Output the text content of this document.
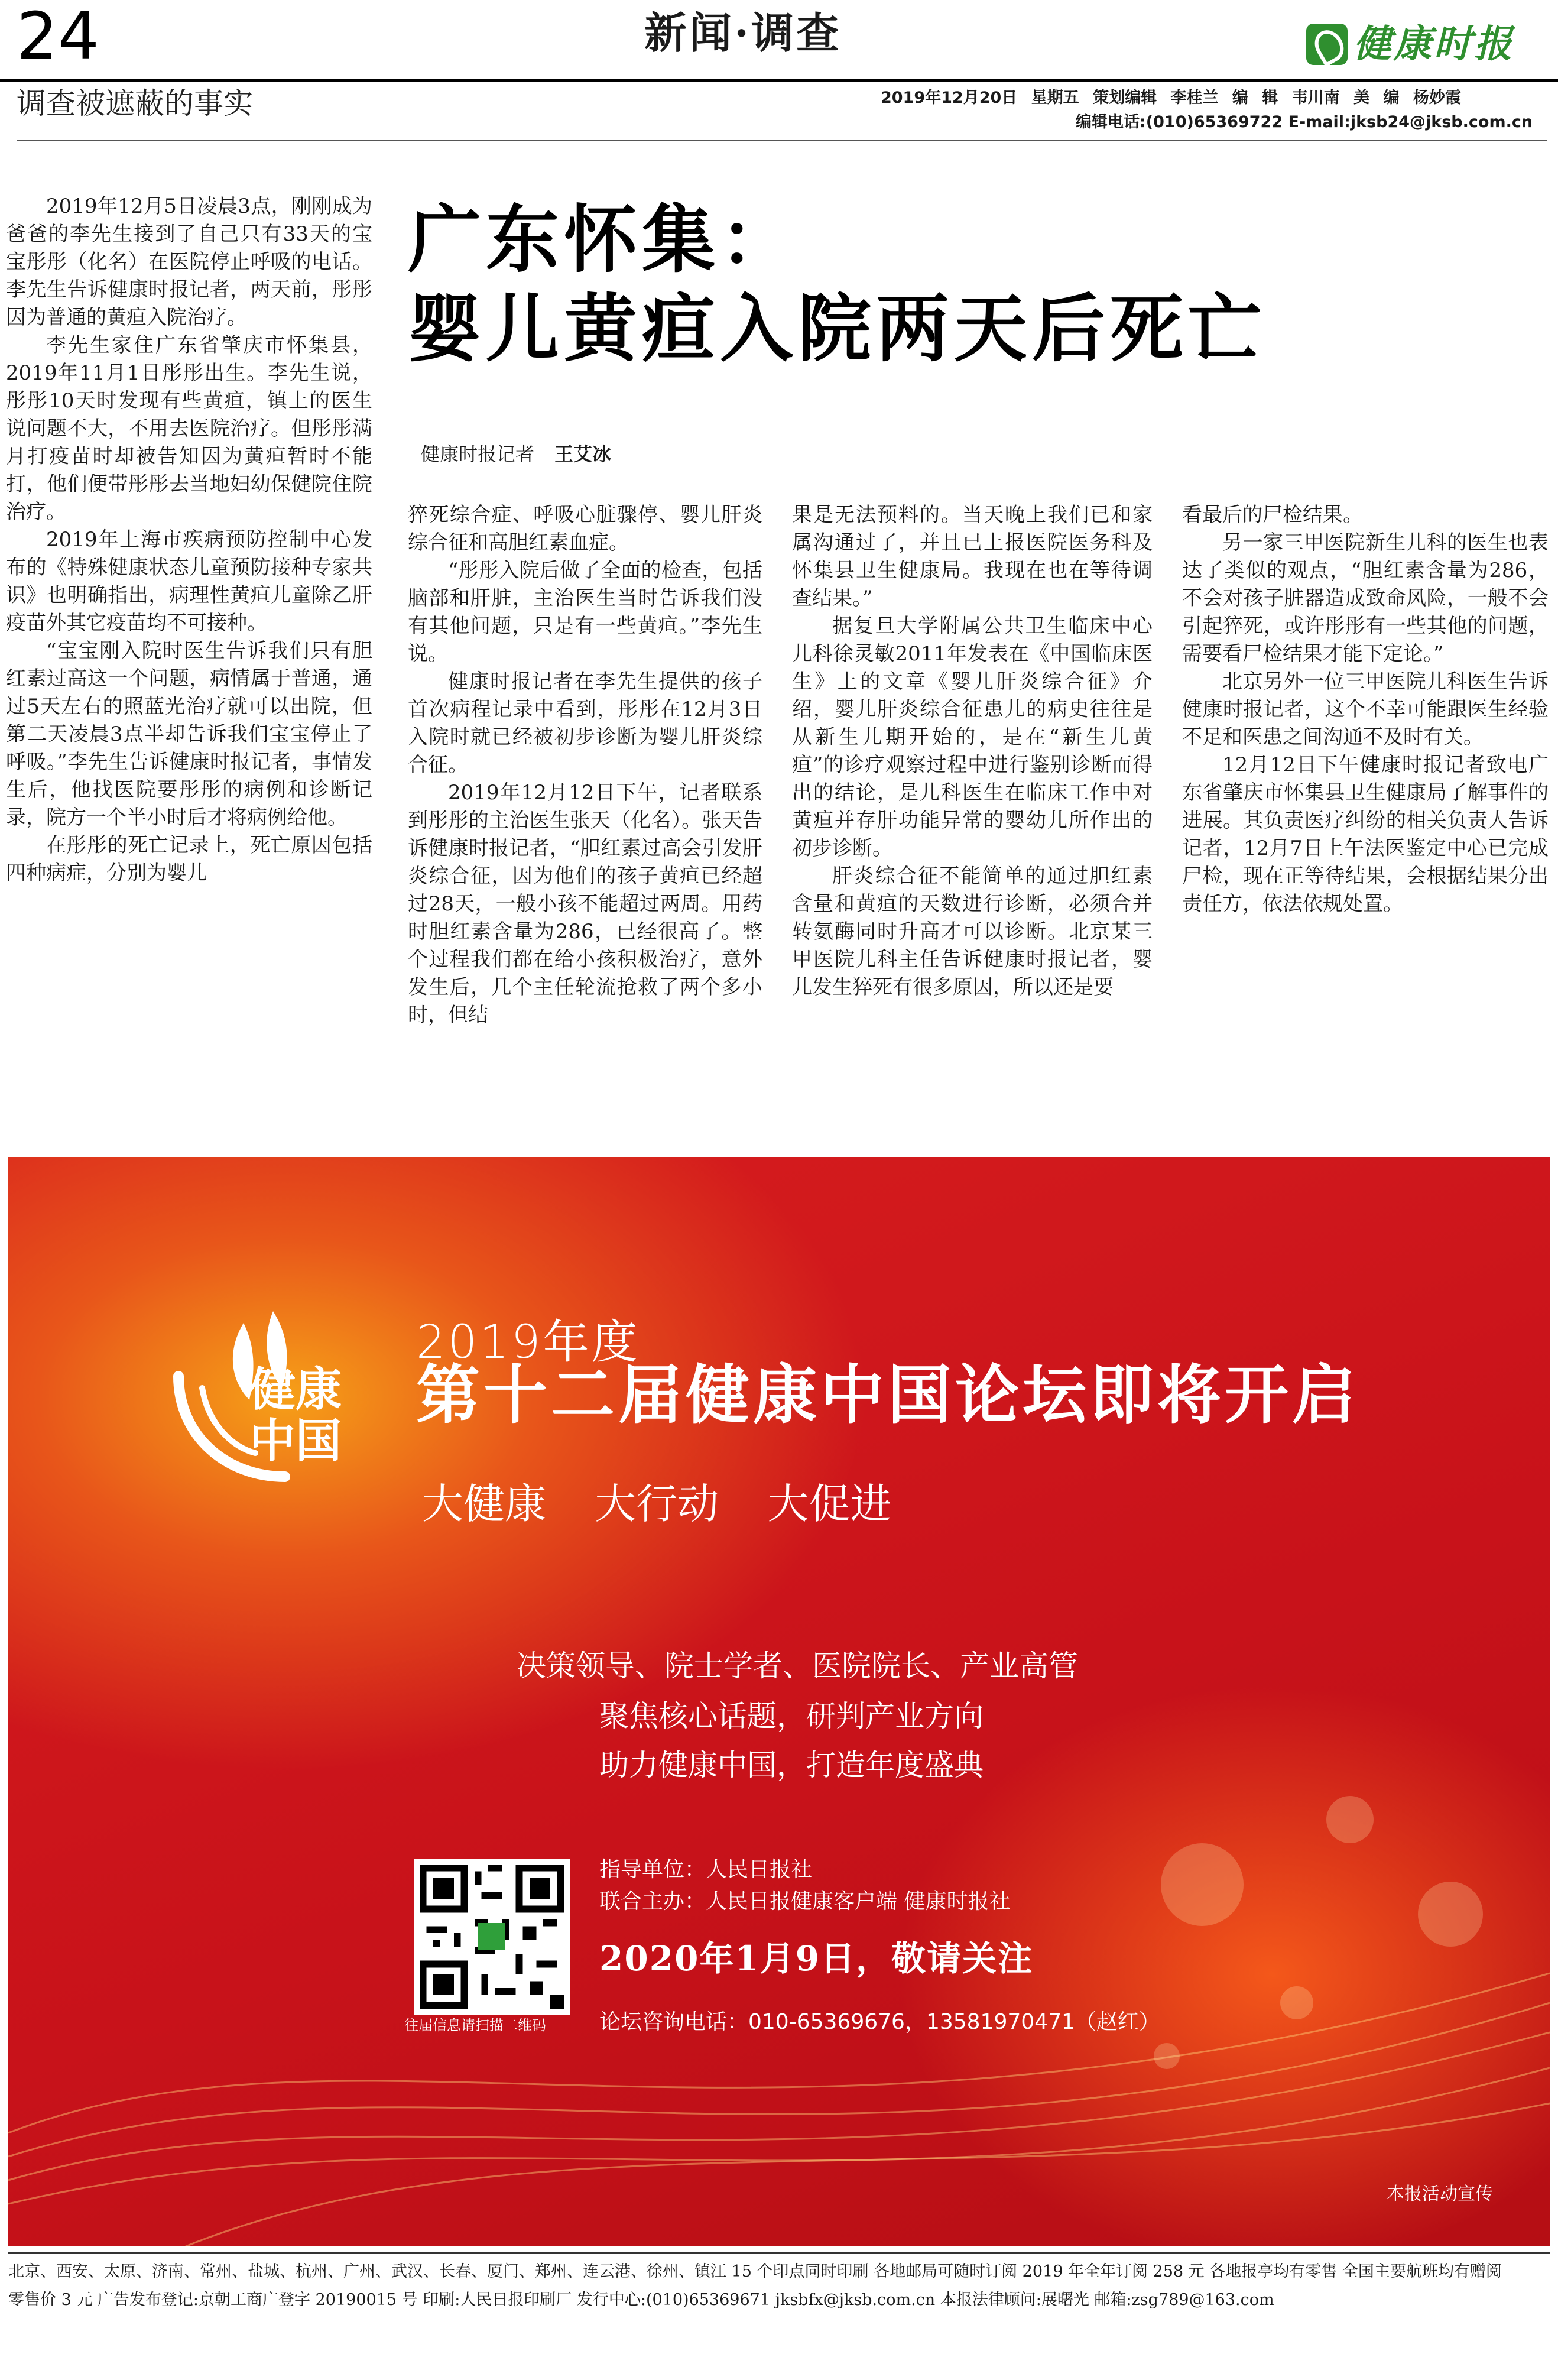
24	新闻·调查	健康时报
调查被遮蔽的事实	2019年12月20日 星期五 策划编辑 李桂兰 编 辑 韦川南 美 编 杨妙霞
编辑电话:(010)65369722 E-mail:jksb24@jksb.com.cn
广东怀集：
婴儿黄疸入院两天后死亡
健康时报记者 王艾冰

2019年12月5日凌晨3点，刚刚成为爸爸的李先生接到了自己只有33天的宝宝彤彤（化名）在医院停止呼吸的电话。李先生告诉健康时报记者，两天前，彤彤因为普通的黄疸入院治疗。

李先生家住广东省肇庆市怀集县，2019年11月1日彤彤出生。李先生说，彤彤10天时发现有些黄疸，镇上的医生说问题不大，不用去医院治疗。但彤彤满月打疫苗时却被告知因为黄疸暂时不能打，他们便带彤彤去当地妇幼保健院住院治疗。

2019年上海市疾病预防控制中心发布的《特殊健康状态儿童预防接种专家共识》也明确指出，病理性黄疸儿童除乙肝疫苗外其它疫苗均不可接种。

“宝宝刚入院时医生告诉我们只有胆红素过高这一个问题，病情属于普通，通过5天左右的照蓝光治疗就可以出院，但第二天凌晨3点半却告诉我们宝宝停止了呼吸。”李先生告诉健康时报记者，事情发生后，他找医院要彤彤的病例和诊断记录，院方一个半小时后才将病例给他。

在彤彤的死亡记录上，死亡原因包括四种病症，分别为婴儿

猝死综合症、呼吸心脏骤停、婴儿肝炎综合征和高胆红素血症。

“彤彤入院后做了全面的检查，包括脑部和肝脏，主治医生当时告诉我们没有其他问题，只是有一些黄疸。”李先生说。

健康时报记者在李先生提供的孩子首次病程记录中看到，彤彤在12月3日入院时就已经被初步诊断为婴儿肝炎综合征。

2019年12月12日下午，记者联系到彤彤的主治医生张天（化名）。张天告诉健康时报记者，“胆红素过高会引发肝炎综合征，因为他们的孩子黄疸已经超过28天，一般小孩不能超过两周。用药时胆红素含量为286，已经很高了。整个过程我们都在给小孩积极治疗，意外发生后，几个主任轮流抢救了两个多小时，但结

果是无法预料的。当天晚上我们已和家属沟通过了，并且已上报医院医务科及怀集县卫生健康局。我现在也在等待调查结果。”

据复旦大学附属公共卫生临床中心儿科徐灵敏2011年发表在《中国临床医生》上的文章《婴儿肝炎综合征》介绍，婴儿肝炎综合征患儿的病史往往是从新生儿期开始的，是在“新生儿黄疸”的诊疗观察过程中进行鉴别诊断而得出的结论，是儿科医生在临床工作中对黄疸并存肝功能异常的婴幼儿所作出的初步诊断。

肝炎综合征不能简单的通过胆红素含量和黄疸的天数进行诊断，必须合并转氨酶同时升高才可以诊断。北京某三甲医院儿科主任告诉健康时报记者，婴儿发生猝死有很多原因，所以还是要

看最后的尸检结果。

另一家三甲医院新生儿科的医生也表达了类似的观点，“胆红素含量为286，不会对孩子脏器造成致命风险，一般不会引起猝死，或许彤彤有一些其他的问题，需要看尸检结果才能下定论。”

北京另外一位三甲医院儿科医生告诉健康时报记者，这个不幸可能跟医生经验不足和医患之间沟通不及时有关。

12月12日下午健康时报记者致电广东省肇庆市怀集县卫生健康局了解事件的进展。其负责医疗纠纷的相关负责人告诉记者，12月7日上午法医鉴定中心已完成尸检，现在正等待结果，会根据结果分出责任方，依法依规处置。

健康
中国
2019年度
第十二届健康中国论坛即将开启
大健康 大行动 大促进
决策领导、院士学者、医院院长、产业高管
聚焦核心话题，研判产业方向
助力健康中国，打造年度盛典
往届信息请扫描二维码
指导单位：人民日报社
联合主办：人民日报健康客户端 健康时报社
2020年1月9日，敬请关注
论坛咨询电话：010-65369676，13581970471（赵红）
本报活动宣传
北京、西安、太原、济南、常州、盐城、杭州、广州、武汉、长春、厦门、郑州、连云港、徐州、镇江 15 个印点同时印刷 各地邮局可随时订阅 2019 年全年订阅 258 元 各地报亭均有零售 全国主要航班均有赠阅
零售价 3 元 广告发布登记:京朝工商广登字 20190015 号 印刷:人民日报印刷厂 发行中心:(010)65369671 jksbfx@jksb.com.cn 本报法律顾问:展曙光 邮箱:zsg789@163.com
